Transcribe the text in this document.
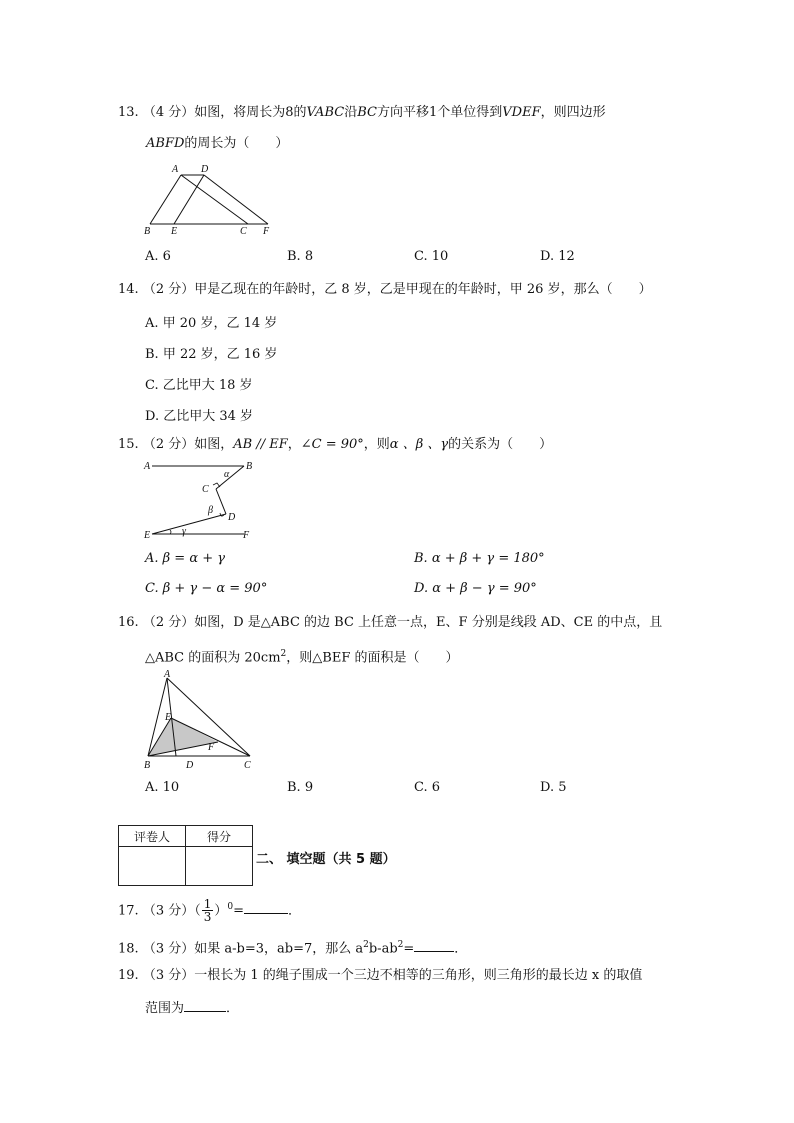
13. （4 分）如图，将周长为8的VABC沿BC方向平移1个单位得到VDEF，则四边形
ABFD的周长为（　　）
A D
B E	C F
A. 6	B. 8	C. 10	D. 12
14. （2 分）甲是乙现在的年龄时，乙 8 岁，乙是甲现在的年龄时，甲 26 岁，那么（　　）
A. 甲 20 岁，乙 14 岁
B. 甲 22 岁，乙 16 岁
C. 乙比甲大 18 岁
D. 乙比甲大 34 岁
15. （2 分）如图，AB // EF，∠C = 90°，则α 、β 、γ的关系为（　　）
A	B
α
C
β
D
γ
E	F
A. β = α + γ	B. α + β + γ = 180°
C. β + γ − α = 90°	D. α + β − γ = 90°
16. （2 分）如图，D 是△ABC 的边 BC 上任意一点，E、F 分别是线段 AD、CE 的中点，且
△ABC 的面积为 $20cm^2$，则△BEF 的面积是（　　）
A
E
F
B	D	C
A. 10	B. 9	C. 6	D. 5
评卷人	得分

二、 填空题（共 5 题）
17. （3 分）（ $\frac{1}{3} )^0=$	．
18. （3 分）如果 a-b=3，ab=7，那么 $a^2b-ab^2=$	．
19. （3 分）一根长为 1 的绳子围成一个三边不相等的三角形，则三角形的最长边 x 的取值
范围为	．
